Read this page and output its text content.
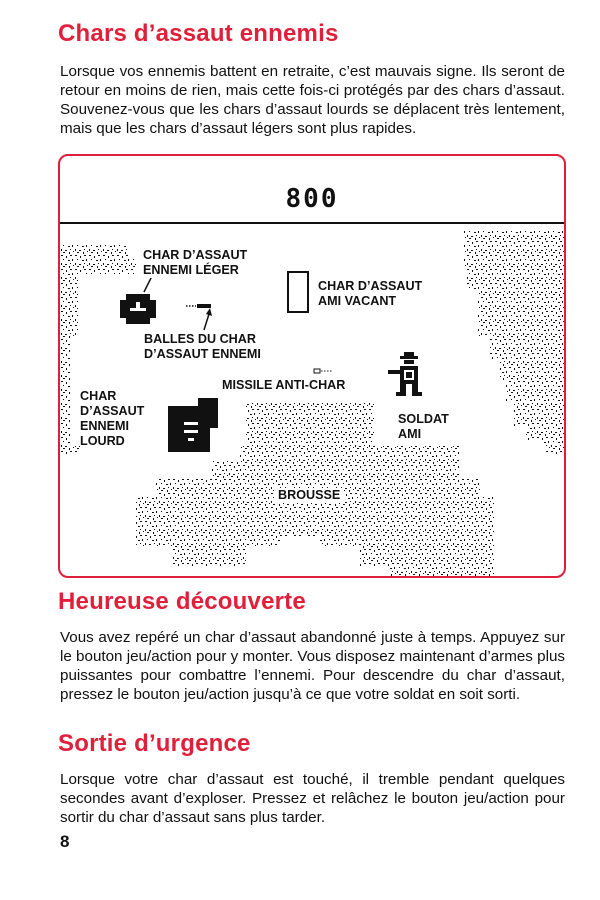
Chars d’assaut ennemis

Lorsque vos ennemis battent en retraite, c’est mauvais signe. Ils seront de retour en moins de rien, mais cette fois-ci protégés par des chars d’assaut. Souvenez-vous que les chars d’assaut lourds se déplacent très lentement, mais que les chars d’assaut légers sont plus rapides.

800
CHAR D’ASSAUT
ENNEMI LÉGER
CHAR D’ASSAUT
AMI VACANT
BALLES DU CHAR
D’ASSAUT ENNEMI
MISSILE ANTI-CHAR
CHAR
D’ASSAUT
ENNEMI
LOURD
SOLDAT
AMI
BROUSSE
Heureuse découverte

Vous avez repéré un char d’assaut abandonné juste à temps. Appuyez sur le bouton jeu/action pour y monter. Vous disposez maintenant d’armes plus puissantes pour combattre l’ennemi. Pour descendre du char d’assaut, pressez le bouton jeu/action jusqu’à ce que votre soldat en soit sorti.

Sortie d’urgence

Lorsque votre char d’assaut est touché, il tremble pendant quelques secondes avant d’exploser. Pressez et relâchez le bouton jeu/action pour sortir du char d’assaut sans plus tarder.

8
